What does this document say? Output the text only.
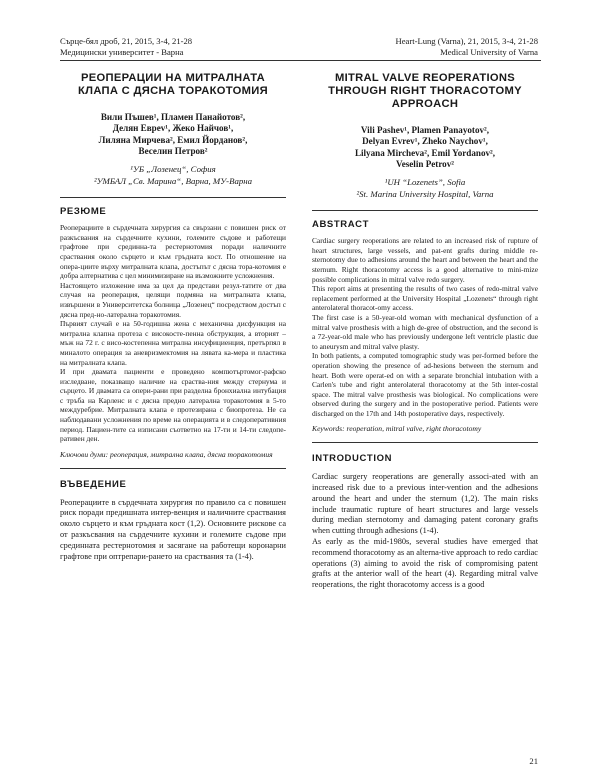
Сърце-бял дроб, 21, 2015, 3-4, 21-28
Медицински университет - Варна
Heart-Lung (Varna), 21, 2015, 3-4, 21-28
Medical University of Varna
РЕОПЕРАЦИИ НА МИТРАЛНАТА КЛАПА С ДЯСНА ТОРАКОТОМИЯ
Вили Пъшев¹, Пламен Панайотов²,
Делян Евреv¹, Жеко Найчов¹,
Лиляна Мирчева², Емил Йорданов²,
Веселин Петров²
¹УБ „Лозенец“, София
²УМБАЛ „Св. Марина“, Варна, МУ-Варна
РЕЗЮМЕ

Реоперациите в сърдечната хирургия са свързани с повишен риск от разкъсвания на сърдечните кухини, големите съдове и работещи графтове при срединна-та рестернотомия поради наличните сраствания около сърцето и към гръдната кост. По отношение на опера-циите върху митралната клапа, достъпът с дясна тора-котомия е добра алтернатива с цел минимизиране на възможните усложнения.

Настоящето изложение има за цел да представи резул-татите от два случая на реоперация, целящи подмяна на митралната клапа, извършени в Университетска болница „Лозенец“ посредством достъп с дясна пред-но-латерална торакотомия.

Първият случай е на 50-годишна жена с механична дисфункция на митрална клапна протеза с високосте-пенна обструкция, а вторият – мъж на 72 г. с висо-костепенна митрална инсуфициенция, претърпял в миналото операция за аневризмектомия на лявата ка-мера и пластика на митралната клапа.

И при двамата пациенти е проведено компютъртомог-рафско изследване, показващо наличие на сраства-ния между стернума и сърцето. И двамата са опери-рани при разделна бронхиална интубация с тръба на Карленс и с дясна предно латерална торакотомия в 5-то междуребрие. Митралната клапа е протезирана с биопротеза. Не са наблюдавани усложнения по време на операцията и в следоперативния период. Пациен-тите са изписани съответно на 17-ти и 14-ти следопе-ративен ден.

Ключови думи: реоперация, митрална клапа, дясна торакотомия
ВЪВЕДЕНИЕ

Реоперациите в сърдечната хирургия по правило са с повишен риск поради предишната интер-венция и наличните сраствания около сърцето и към гръдната кост (1,2). Основните рискове са от разкъсвания на сърдечните кухини и големите съдове при срединната рестернотомия и засягане на работещи коронарни графтове при оптрепари-рането на сраствания та (1-4).

MITRAL VALVE REOPERATIONS THROUGH RIGHT THORACOTOMY APPROACH
Vili Pashev¹, Plamen Panayotov²,
Delyan Evrev¹, Zheko Naychov¹,
Lilyana Mircheva², Emil Yordanov²,
Veselin Petrov²
¹UH “Lozenets”, Sofia
²St. Marina University Hospital, Varna
ABSTRACT

Cardiac surgery reoperations are related to an increased risk of rupture of heart structures, large vessels, and pat-ent grafts during middle re-sternotomy due to adhesions around the heart and between the heart and the sternum. Right thoracotomy access is a good alternative to mini-mize possible complications in mitral valve redo surgery.

This report aims at presenting the results of two cases of redo-mitral valve replacement performed at the University Hospital „Lozenets“ through right anterolateral thoracot-omy access.

The first case is a 50-year-old woman with mechanical dysfunction of a mitral valve prosthesis with a high de-gree of obstruction, and the second is a 72-year-old male who has previously undergone left ventricle plastic due to aneurysm and mitral valve plasty.

In both patients, a computed tomographic study was per-formed before the operation showing the presence of ad-hesions between the sternum and heart. Both were operat-ed on with a separate bronchial intubation with a Carlen's tube and right anterolateral thoracotomy at the 5th inter-costal space. The mitral valve prosthesis was biological. No complications were observed during the surgery and in the postoperative period. Patients were discharged on the 17th and 14th postoperative days, respectively.

Keywords: reoperation, mitral valve, right thoracotomy
INTRODUCTION

Cardiac surgery reoperations are generally associ-ated with an increased risk due to a previous inter-vention and the adhesions around the heart and under the sternum (1,2). The main risks include traumatic rupture of heart structures and large vessels during median sternotomy and damaging patent coronary grafts when cutting through adhesions (1-4).

As early as the mid-1980s, several studies have emerged that recommend thoracotomy as an alterna-tive approach to redo cardiac operations (3) aiming to avoid the risk of compromising patent grafts at the anterior wall of the heart (4). Regarding mitral valve reoperations, the right thoracotomy access is a good

21
